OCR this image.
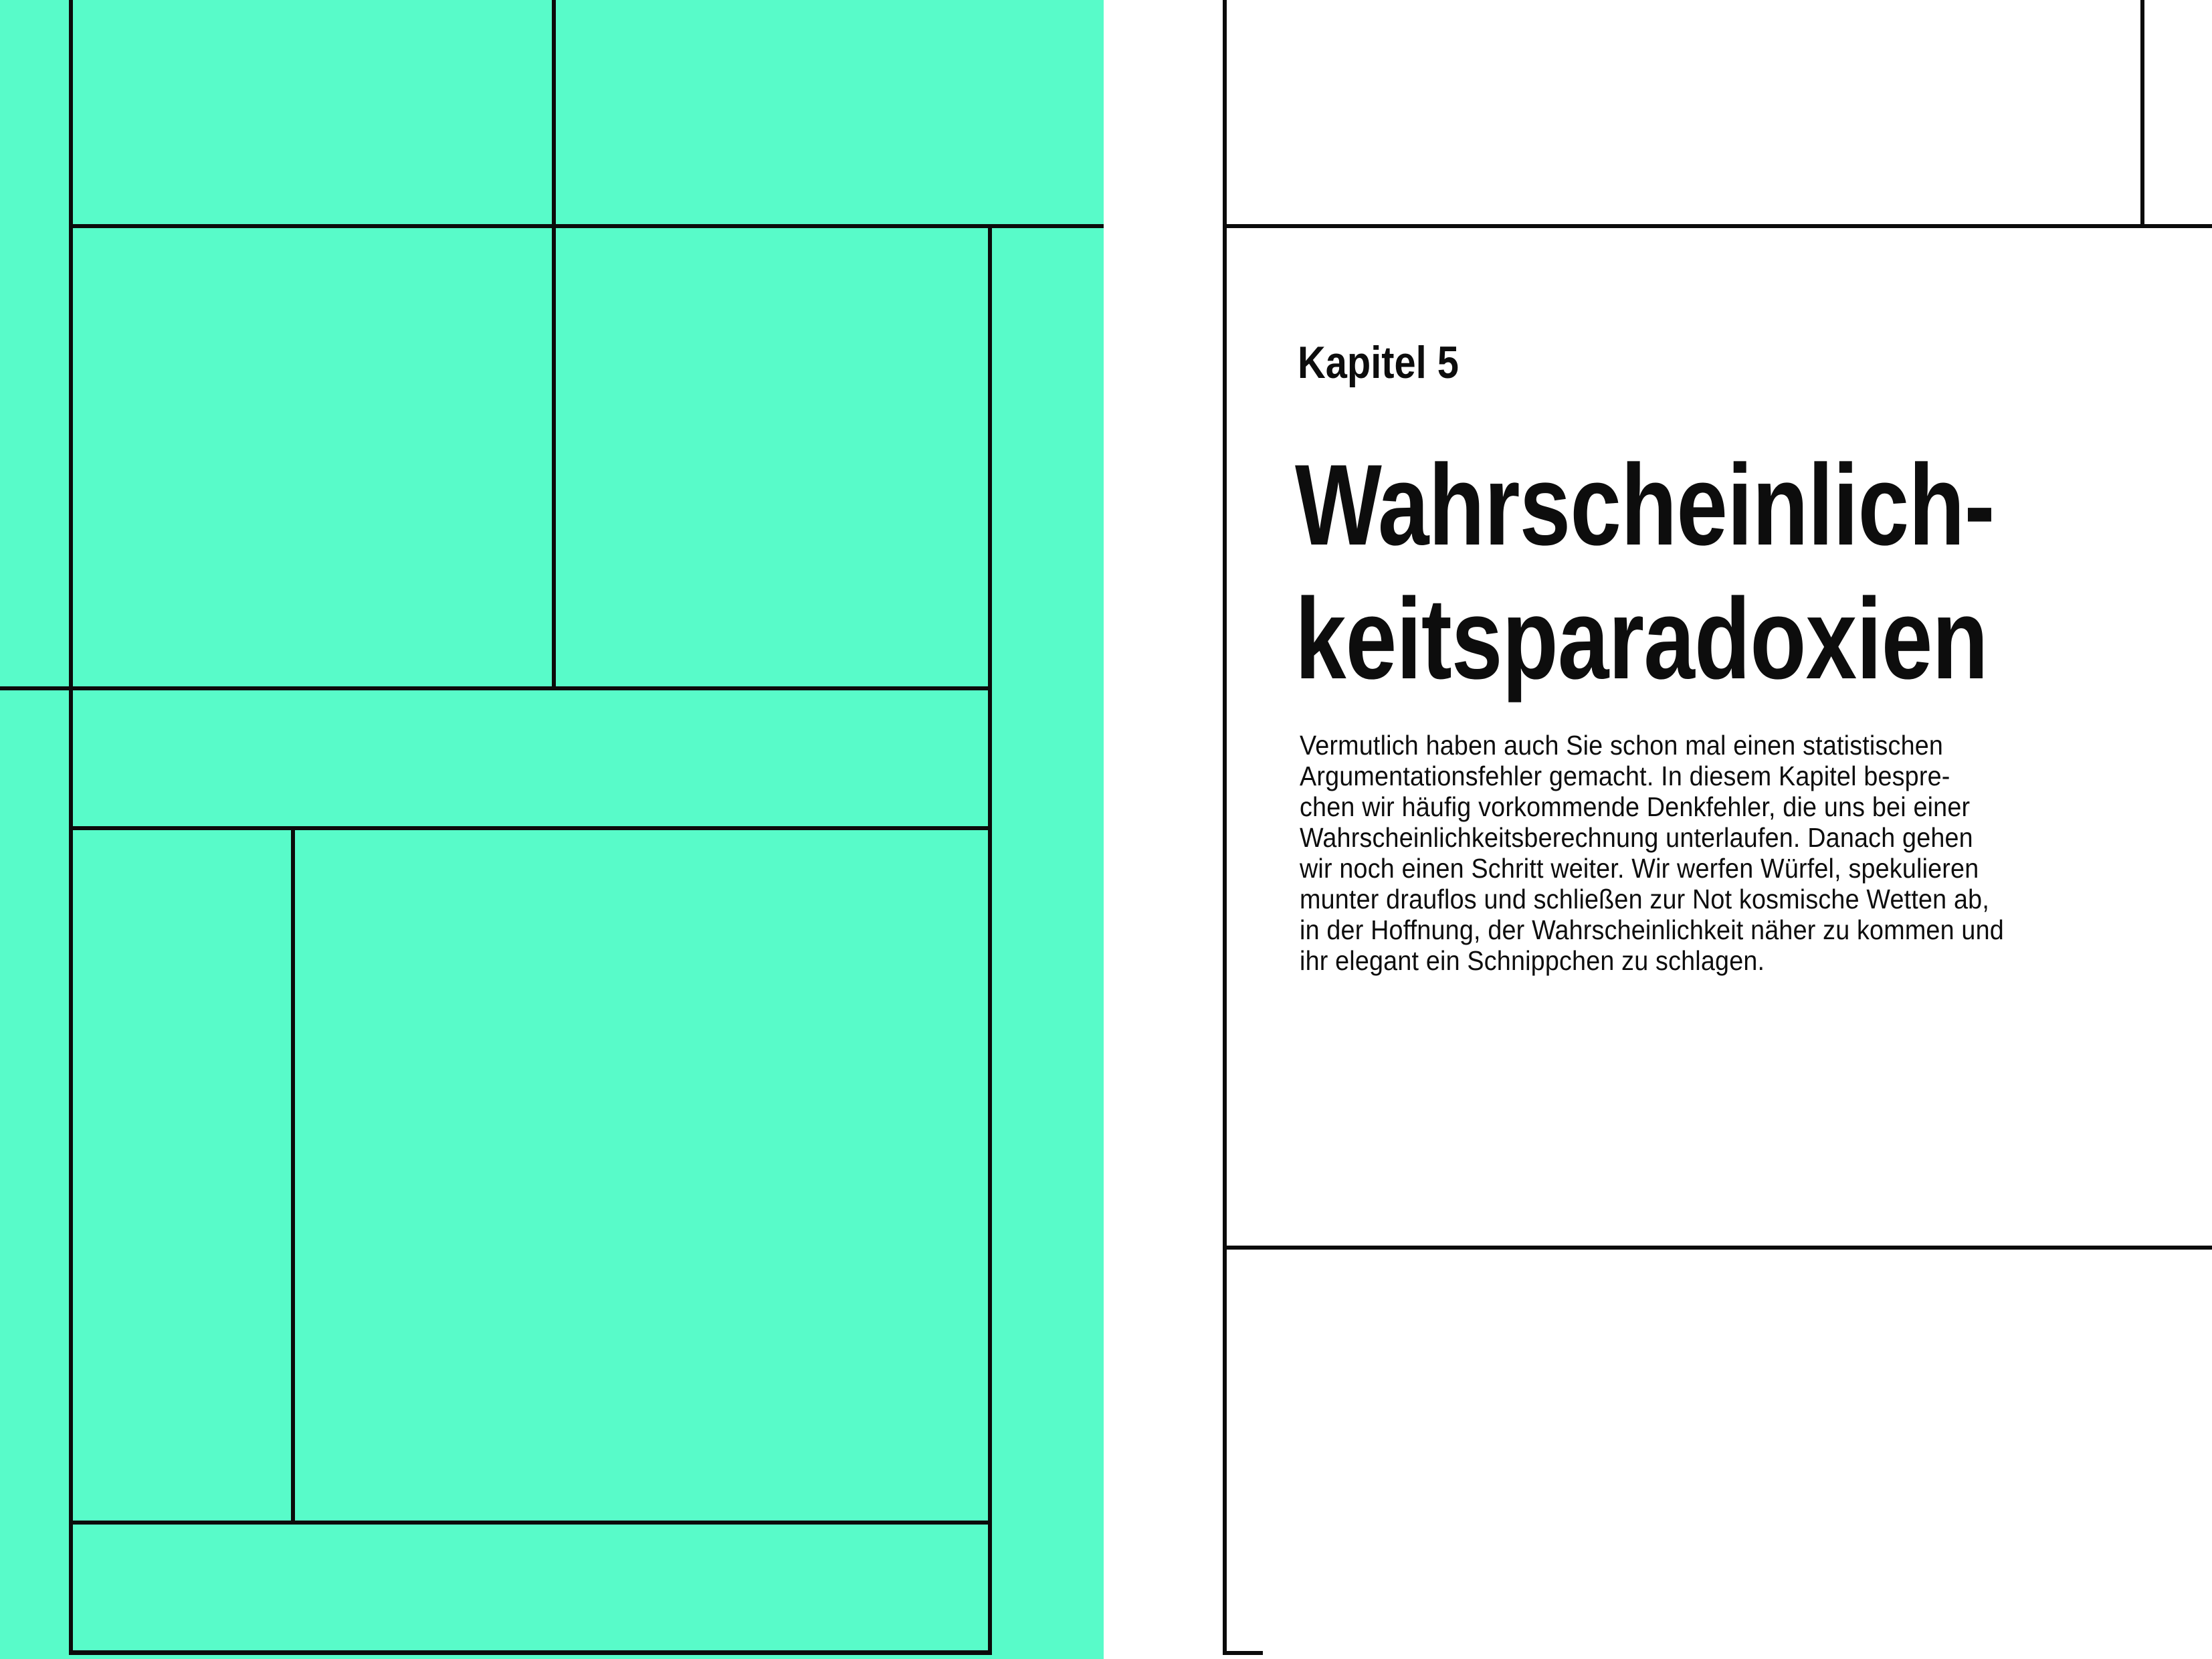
Kapitel 5
Wahrscheinlich-
keitsparadoxien

Vermutlich haben auch Sie schon mal einen statistischen
Argumentationsfehler gemacht. In diesem Kapitel bespre-
chen wir häufig vorkommende Denkfehler, die uns bei einer
Wahrscheinlichkeitsberechnung unterlaufen. Danach gehen
wir noch einen Schritt weiter. Wir werfen Würfel, spekulieren
munter drauflos und schließen zur Not kosmische Wetten ab,
in der Hoffnung, der Wahrscheinlichkeit näher zu kommen und
ihr elegant ein Schnippchen zu schlagen.
